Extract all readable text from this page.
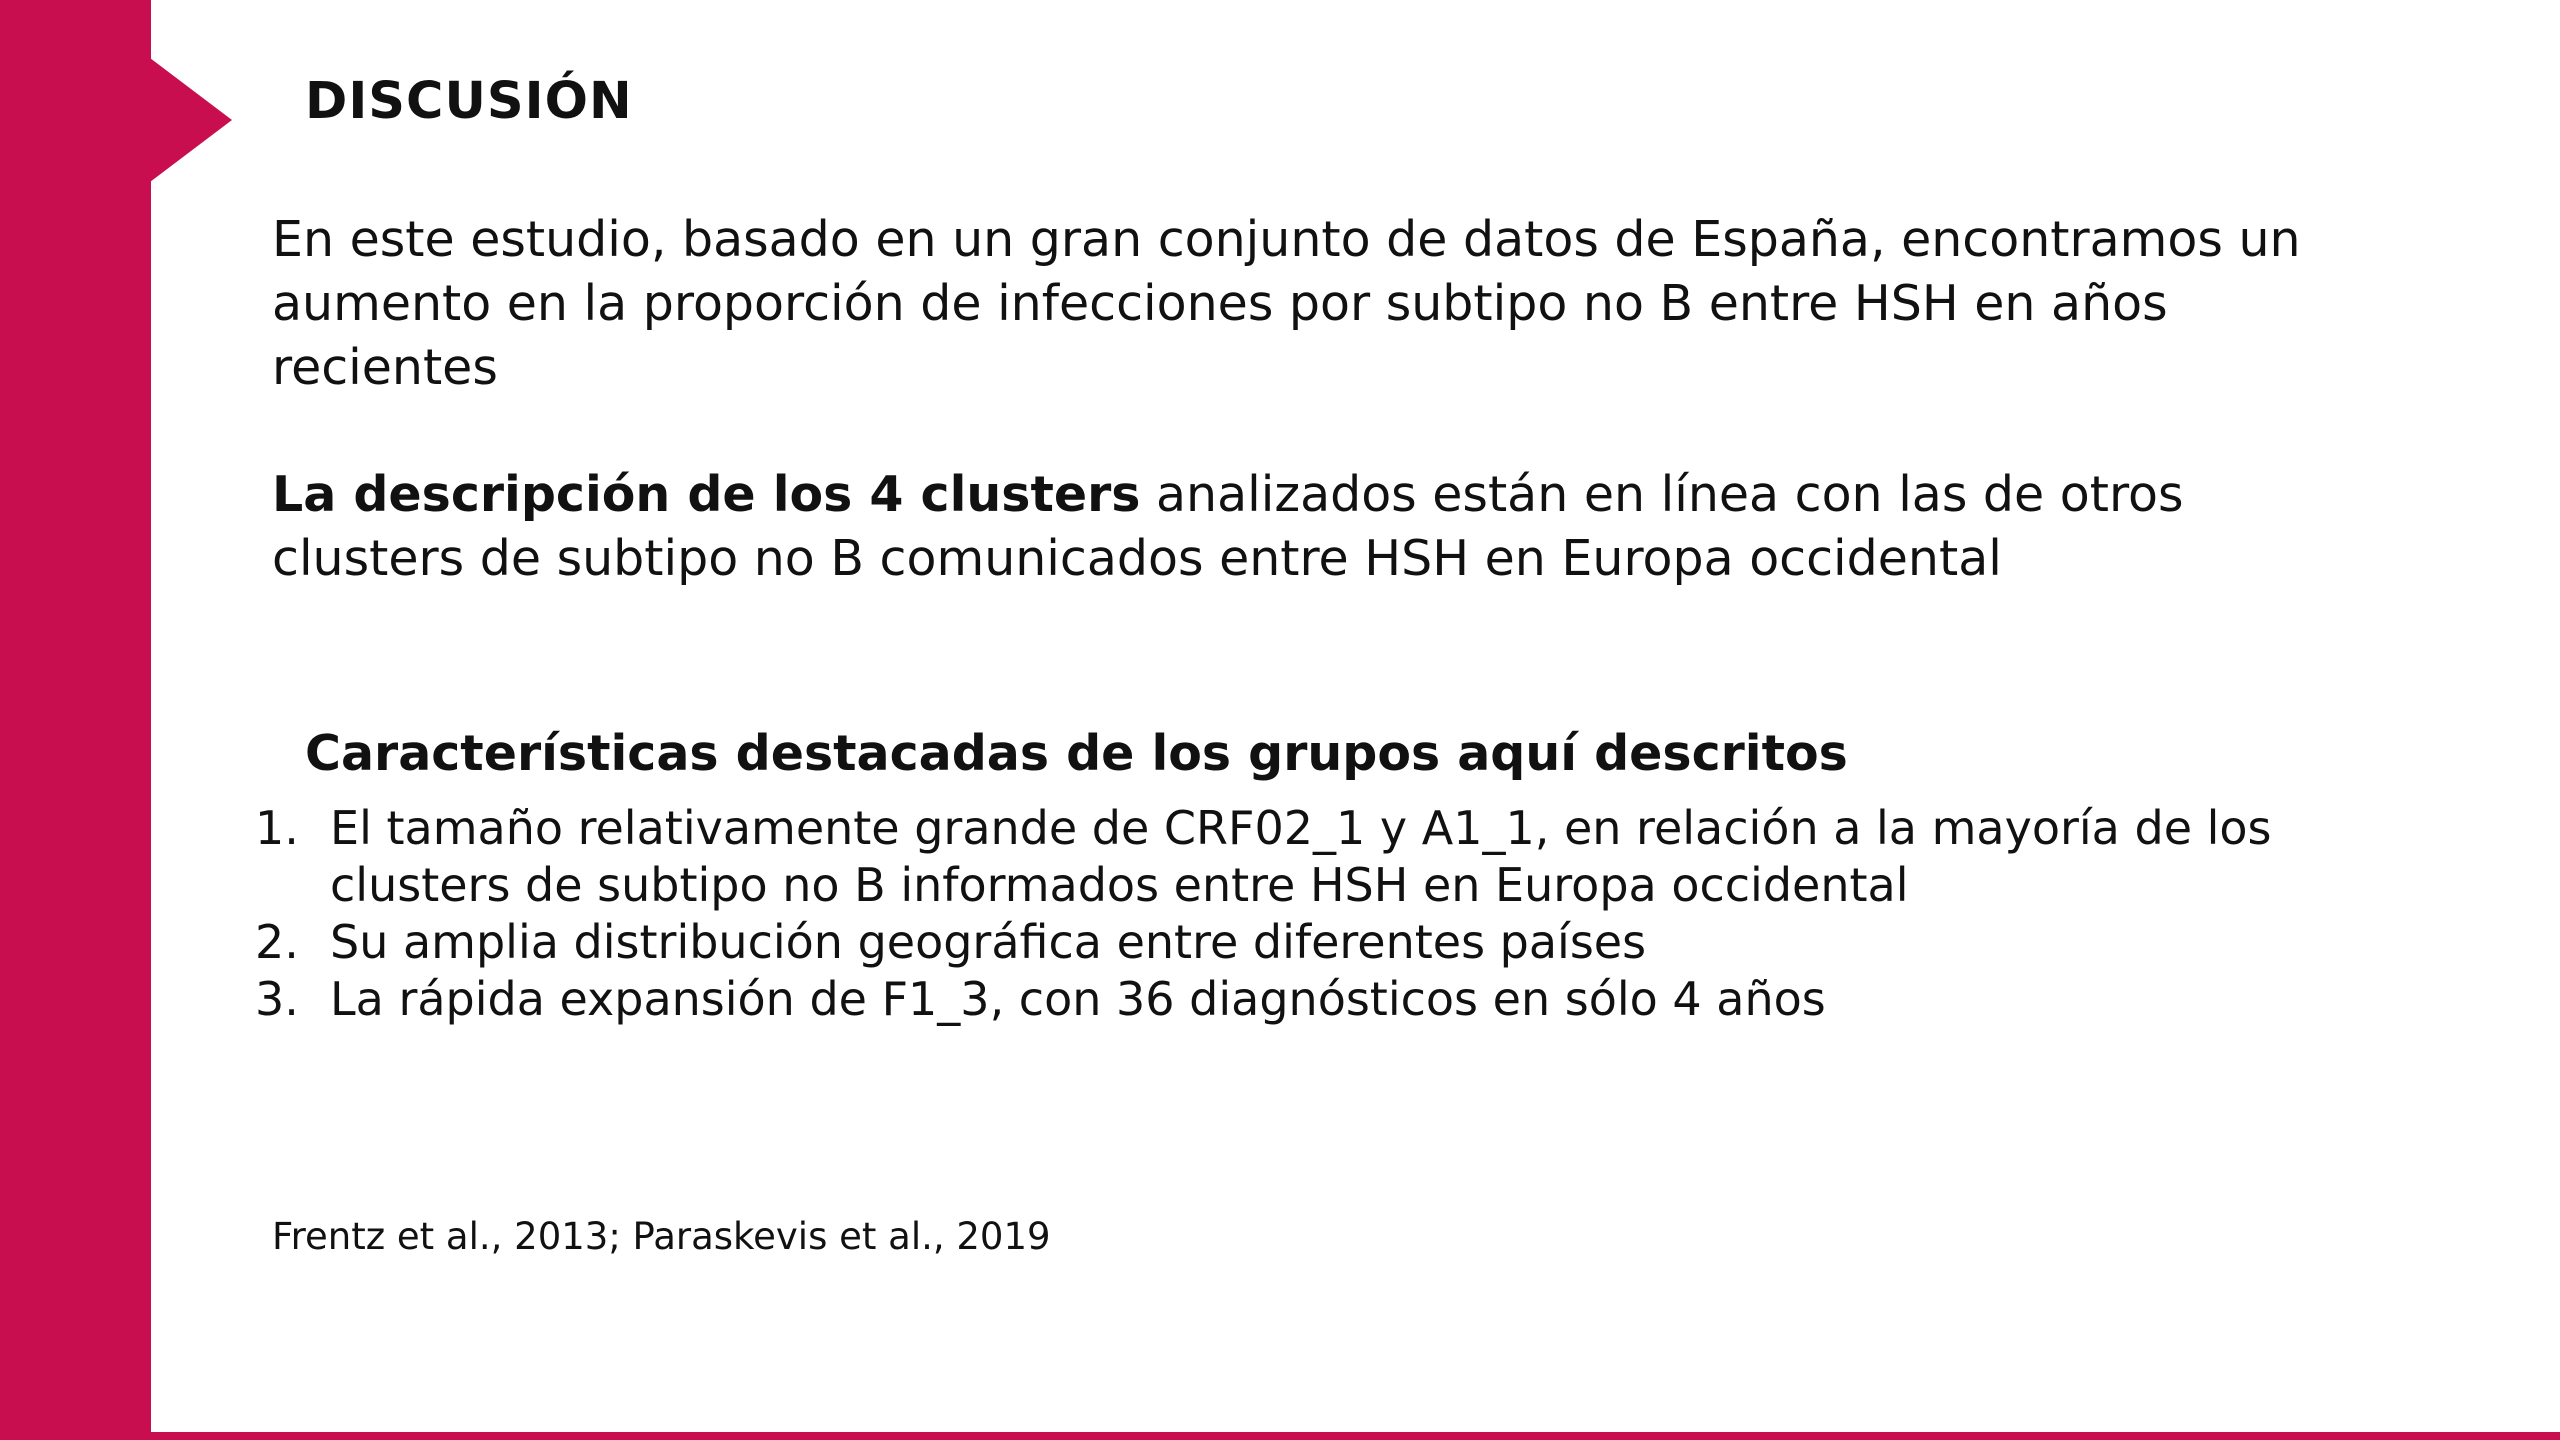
DISCUSIÓN

En este estudio, basado en un gran conjunto de datos de España, encontramos un aumento en la proporción de infecciones por subtipo no B entre HSH en años recientes

La descripción de los 4 clusters analizados están en línea con las de otros clusters de subtipo no B comunicados entre HSH en Europa occidental

Características destacadas de los grupos aquí descritos
1. El tamaño relativamente grande de CRF02_1 y A1_1, en relación a la mayoría de los clusters de subtipo no B informados entre HSH en Europa occidental
2. Su amplia distribución geográfica entre diferentes países
3. La rápida expansión de F1_3, con 36 diagnósticos en sólo 4 años
Frentz et al., 2013; Paraskevis et al., 2019
